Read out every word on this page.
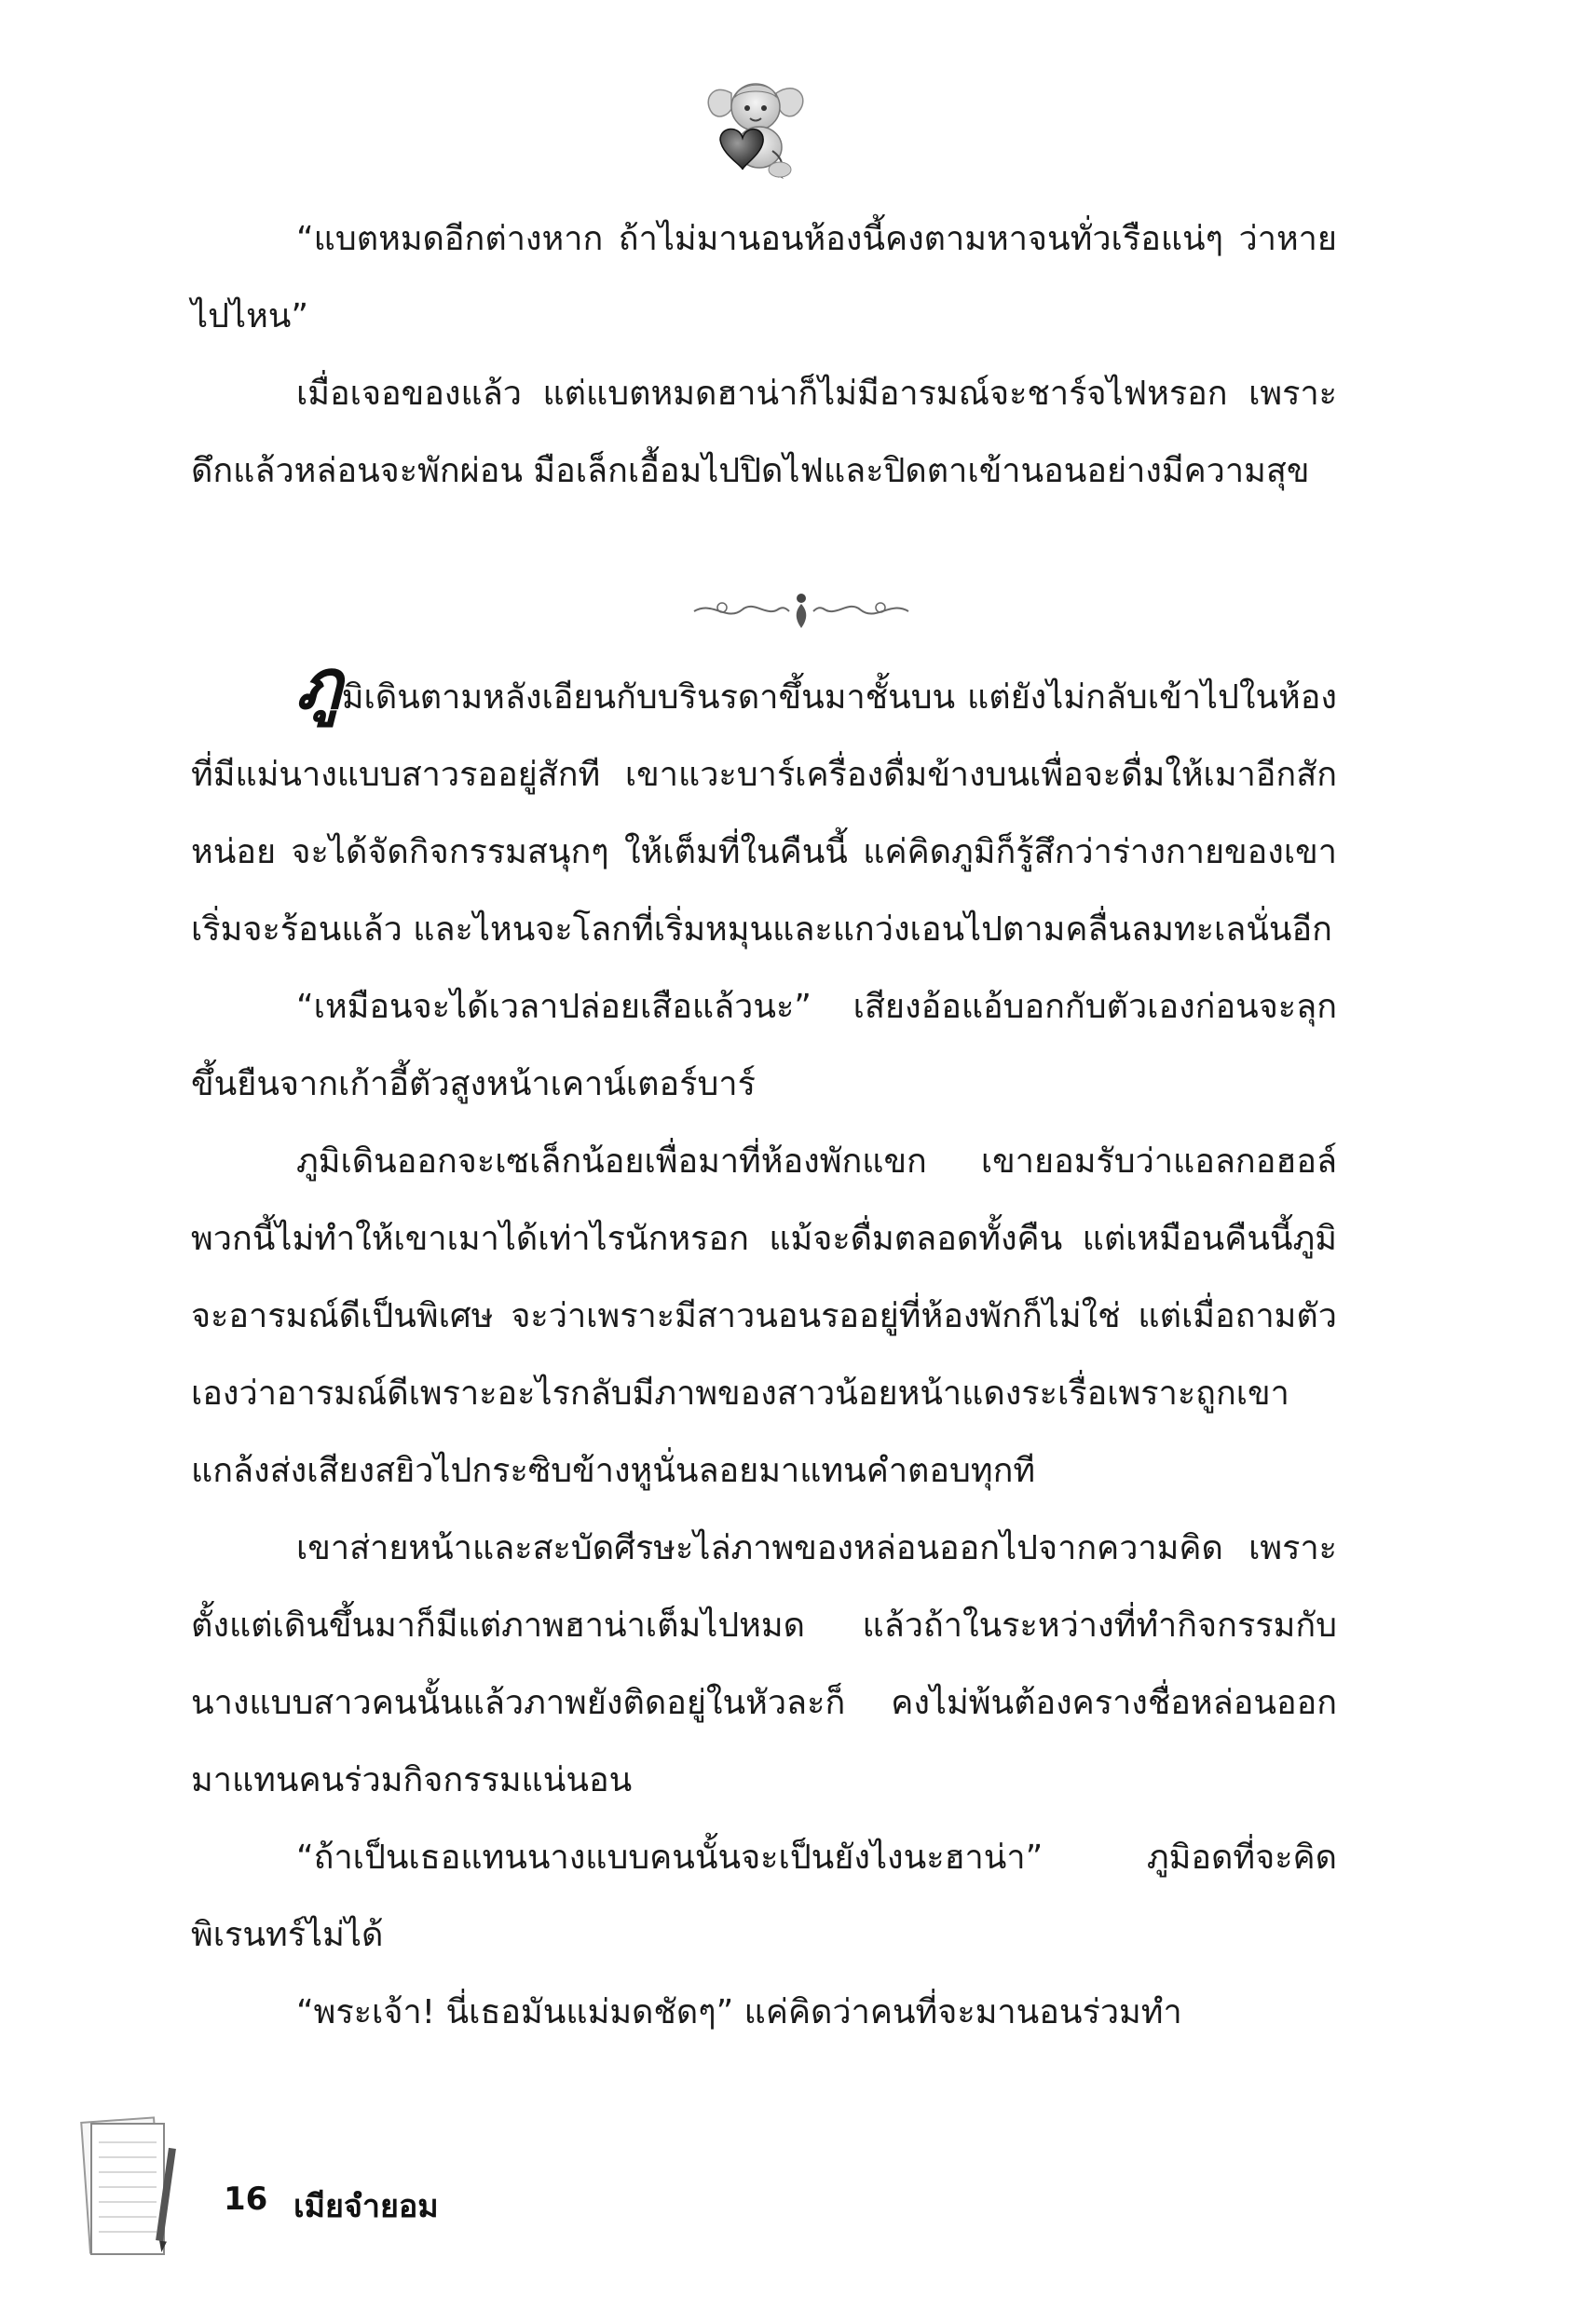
“แบตหมดอีกต่างหาก ถ้าไม่มานอนห้องนี้คงตามหาจนทั่วเรือแน่ๆ ว่าหายไปไหน”

เมื่อเจอของแล้ว แต่แบตหมดฮาน่าก็ไม่มีอารมณ์จะชาร์จไฟหรอก เพราะดึกแล้วหล่อนจะพักผ่อน มือเล็กเอื้อมไปปิดไฟและปิดตาเข้านอนอย่างมีความสุข

ภูมิเดินตามหลังเอียนกับบรินรดาขึ้นมาชั้นบน แต่ยังไม่กลับเข้าไปในห้องที่มีแม่นางแบบสาวรออยู่สักที เขาแวะบาร์เครื่องดื่มข้างบนเพื่อจะดื่มให้เมาอีกสักหน่อย จะได้จัดกิจกรรมสนุกๆ ให้เต็มที่ในคืนนี้ แค่คิดภูมิก็รู้สึกว่าร่างกายของเขาเริ่มจะร้อนแล้ว และไหนจะโลกที่เริ่มหมุนและแกว่งเอนไปตามคลื่นลมทะเลนั่นอีก

“เหมือนจะได้เวลาปล่อยเสือแล้วนะ” เสียงอ้อแอ้บอกกับตัวเองก่อนจะลุกขึ้นยืนจากเก้าอี้ตัวสูงหน้าเคาน์เตอร์บาร์

ภูมิเดินออกจะเซเล็กน้อยเพื่อมาที่ห้องพักแขก เขายอมรับว่าแอลกอฮอล์พวกนี้ไม่ทำให้เขาเมาได้เท่าไรนักหรอก แม้จะดื่มตลอดทั้งคืน แต่เหมือนคืนนี้ภูมิจะอารมณ์ดีเป็นพิเศษ จะว่าเพราะมีสาวนอนรออยู่ที่ห้องพักก็ไม่ใช่ แต่เมื่อถามตัวเองว่าอารมณ์ดีเพราะอะไรกลับมีภาพของสาวน้อยหน้าแดงระเรื่อเพราะถูกเขาแกล้งส่งเสียงสยิวไปกระซิบข้างหูนั่นลอยมาแทนคำตอบทุกที

เขาส่ายหน้าและสะบัดศีรษะไล่ภาพของหล่อนออกไปจากความคิด เพราะตั้งแต่เดินขึ้นมาก็มีแต่ภาพฮาน่าเต็มไปหมด แล้วถ้าในระหว่างที่ทำกิจกรรมกับนางแบบสาวคนนั้นแล้วภาพยังติดอยู่ในหัวละก็ คงไม่พ้นต้องครางชื่อหล่อนออกมาแทนคนร่วมกิจกรรมแน่นอน

“ถ้าเป็นเธอแทนนางแบบคนนั้นจะเป็นยังไงนะฮาน่า” ภูมิอดที่จะคิดพิเรนทร์ไม่ได้

“พระเจ้า! นี่เธอมันแม่มดชัดๆ” แค่คิดว่าคนที่จะมานอนร่วมทำ

16 เมียจำยอม
